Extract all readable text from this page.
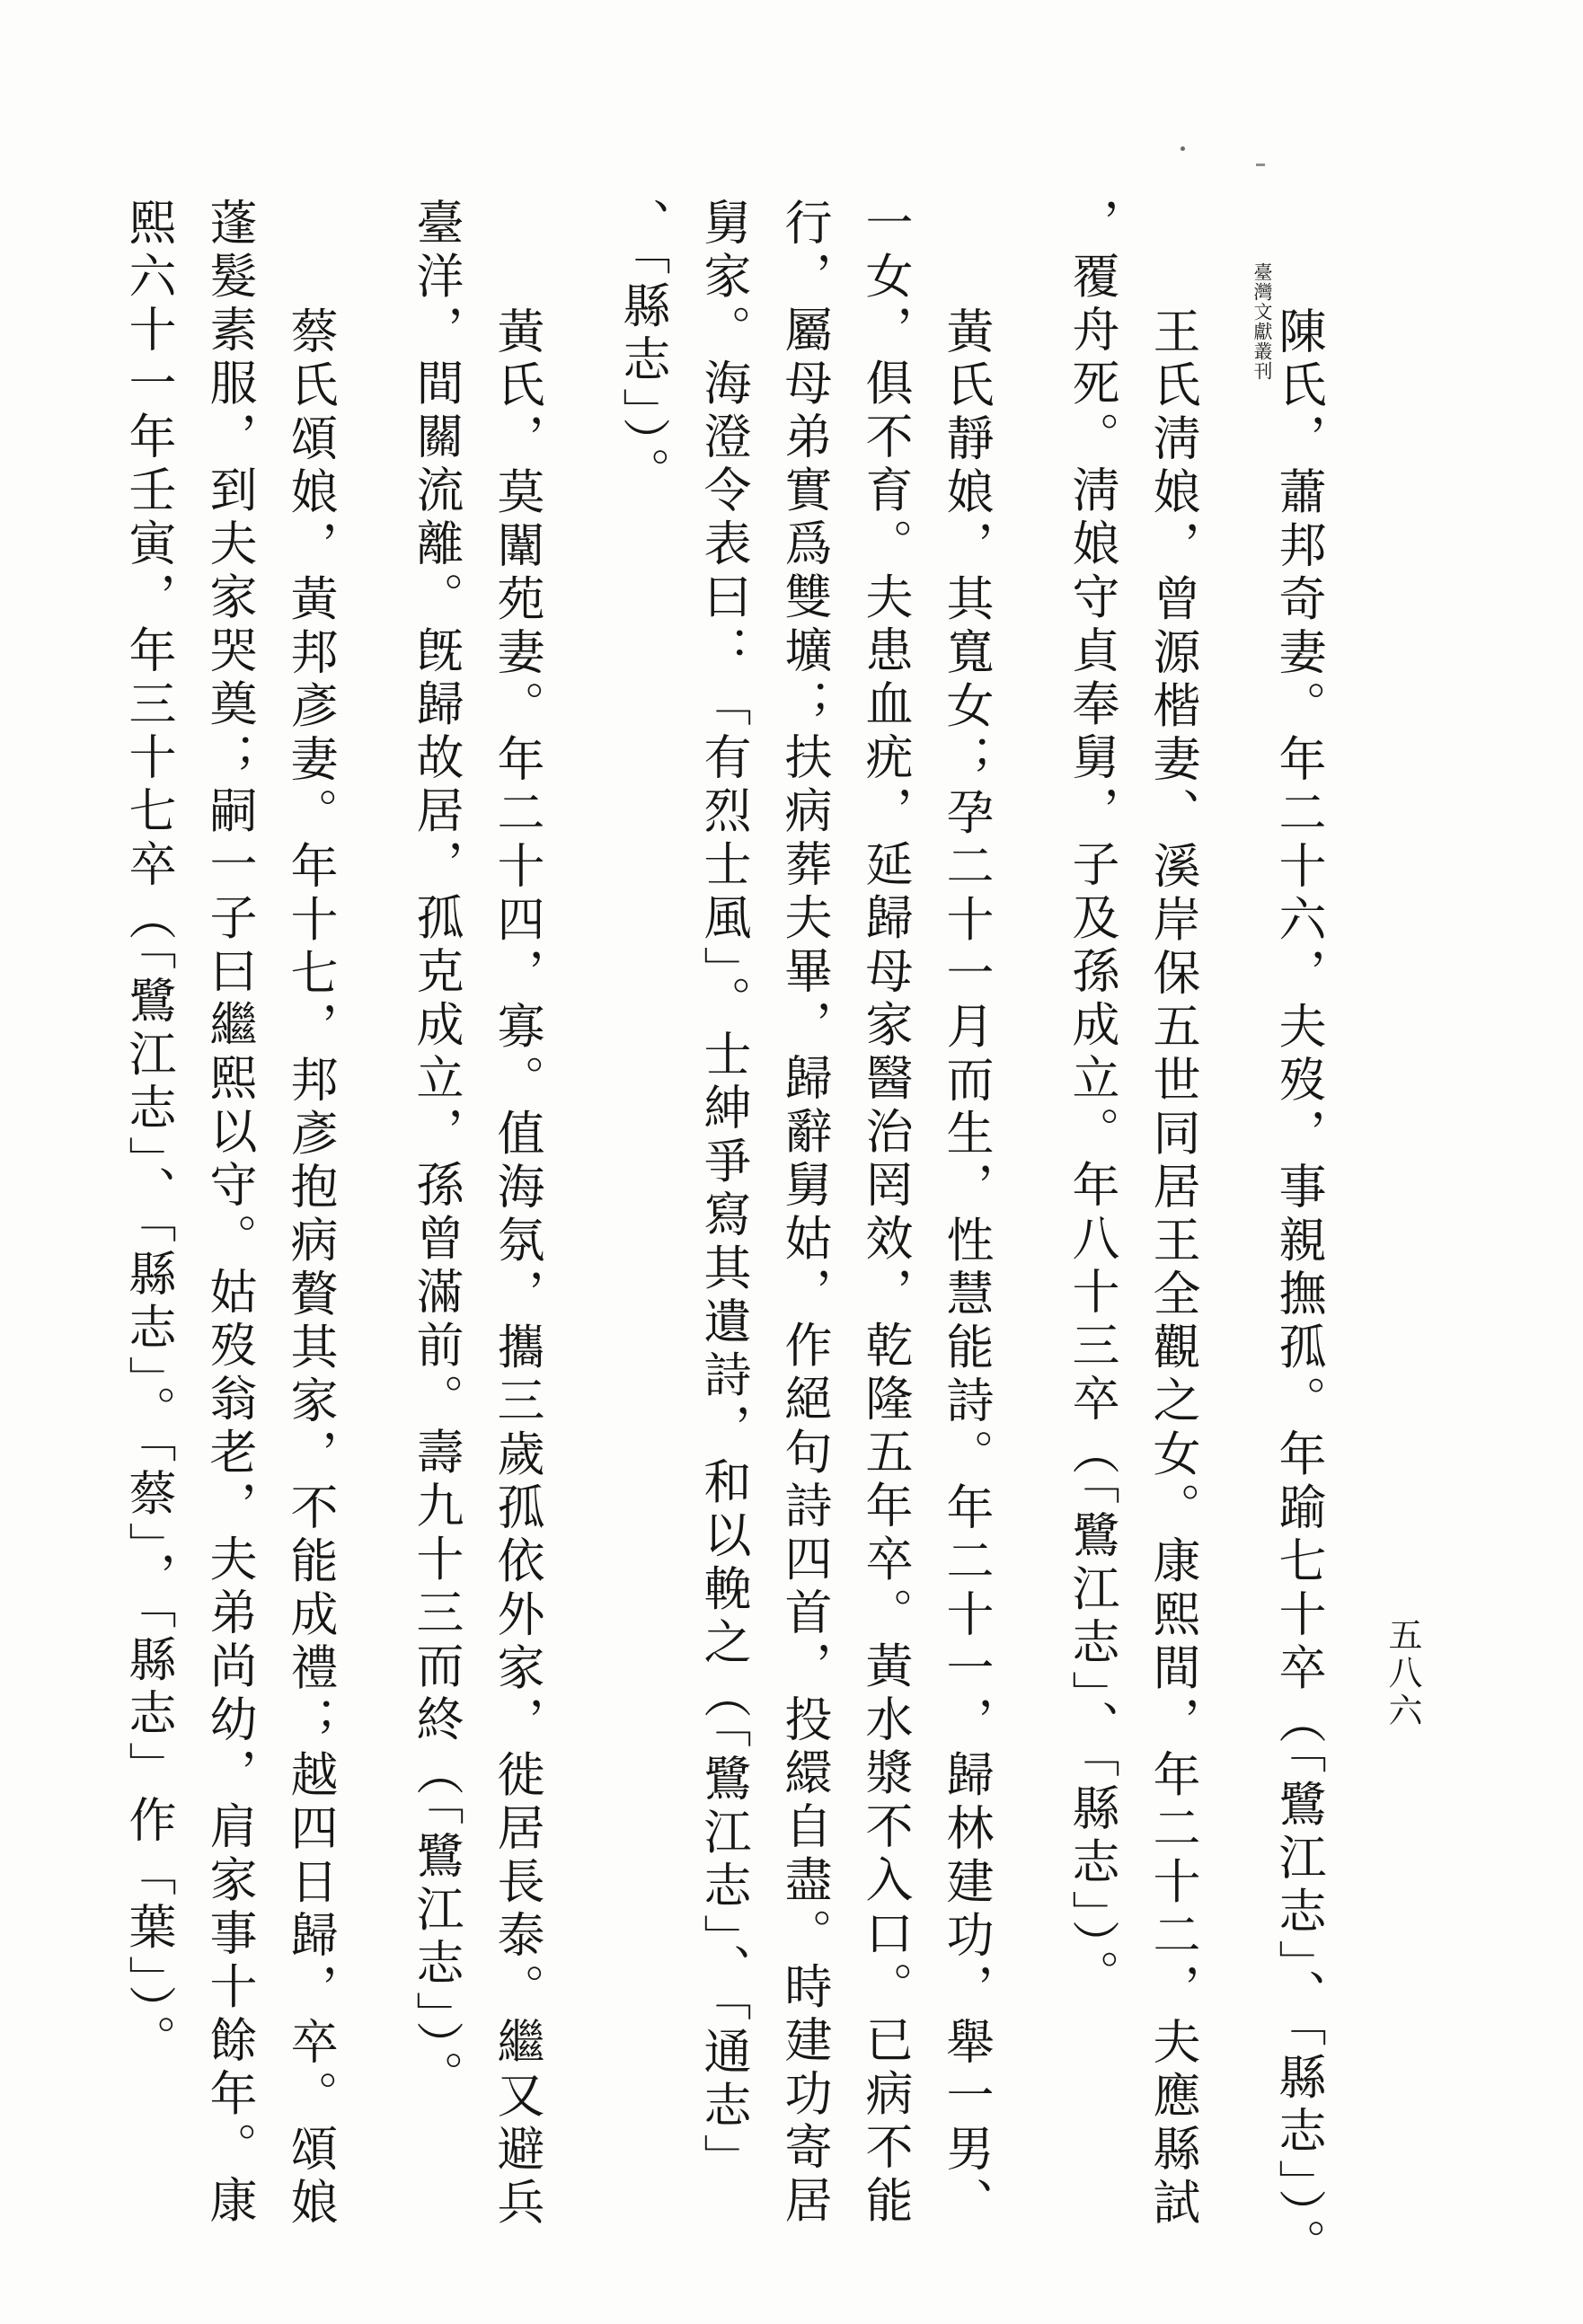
臺灣文獻叢刊

陳氏，蕭邦奇妻。年二十六，夫歿，事親撫孤。年踰七十卒（「鷺江志」、「縣志」）。

王氏淸娘，曾源楷妻、溪岸保五世同居王全觀之女。康熙間，年二十二，夫應縣試

，覆舟死。淸娘守貞奉舅，子及孫成立。年八十三卒（「鷺江志」、「縣志」）。

黃氏靜娘，其寬女；孕二十一月而生，性慧能詩。年二十一，歸林建功，舉一男、

一女，俱不育。夫患血疣，延歸母家醫治罔效，乾隆五年卒。黃水漿不入口。已病不能

行，屬母弟實爲雙壙；扶病葬夫畢，歸辭舅姑，作絕句詩四首，投繯自盡。時建功寄居

舅家。海澄令表曰：「有烈士風」。士紳爭寫其遺詩，和以輓之（「鷺江志」、「通志」

、「縣志」）。

黃氏，莫闈苑妻。年二十四，寡。值海氛，攜三歲孤依外家，徙居長泰。繼又避兵

臺洋，間關流離。旣歸故居，孤克成立，孫曾滿前。壽九十三而終（「鷺江志」）。

蔡氏頌娘，黃邦彥妻。年十七，邦彥抱病贅其家，不能成禮；越四日歸，卒。頌娘

蓬髮素服，到夫家哭奠；嗣一子曰繼熙以守。姑歿翁老，夫弟尚幼，肩家事十餘年。康

熙六十一年壬寅，年三十七卒（「鷺江志」、「縣志」。「蔡」，「縣志」作「葉」）。	五八六
